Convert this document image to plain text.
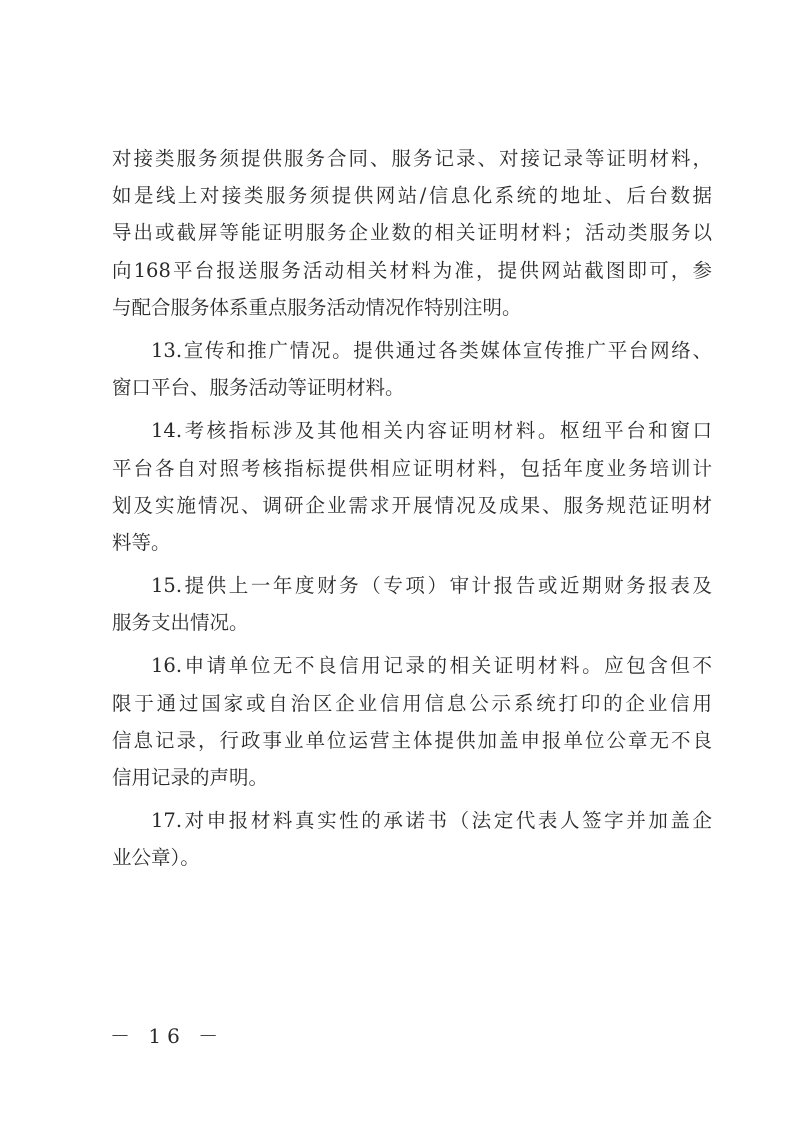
对接类服务须提供服务合同、服务记录、对接记录等证明材料，
如是线上对接类服务须提供网站/信息化系统的地址、后台数据
导出或截屏等能证明服务企业数的相关证明材料；活动类服务以
向168平台报送服务活动相关材料为准，提供网站截图即可，参
与配合服务体系重点服务活动情况作特别注明。
13.宣传和推广情况。提供通过各类媒体宣传推广平台网络、
窗口平台、服务活动等证明材料。
14.考核指标涉及其他相关内容证明材料。枢纽平台和窗口
平台各自对照考核指标提供相应证明材料，包括年度业务培训计
划及实施情况、调研企业需求开展情况及成果、服务规范证明材
料等。
15.提供上一年度财务（专项）审计报告或近期财务报表及
服务支出情况。
16.申请单位无不良信用记录的相关证明材料。应包含但不
限于通过国家或自治区企业信用信息公示系统打印的企业信用
信息记录，行政事业单位运营主体提供加盖申报单位公章无不良
信用记录的声明。
17.对申报材料真实性的承诺书（法定代表人签字并加盖企
业公章）。
－ 16 －
